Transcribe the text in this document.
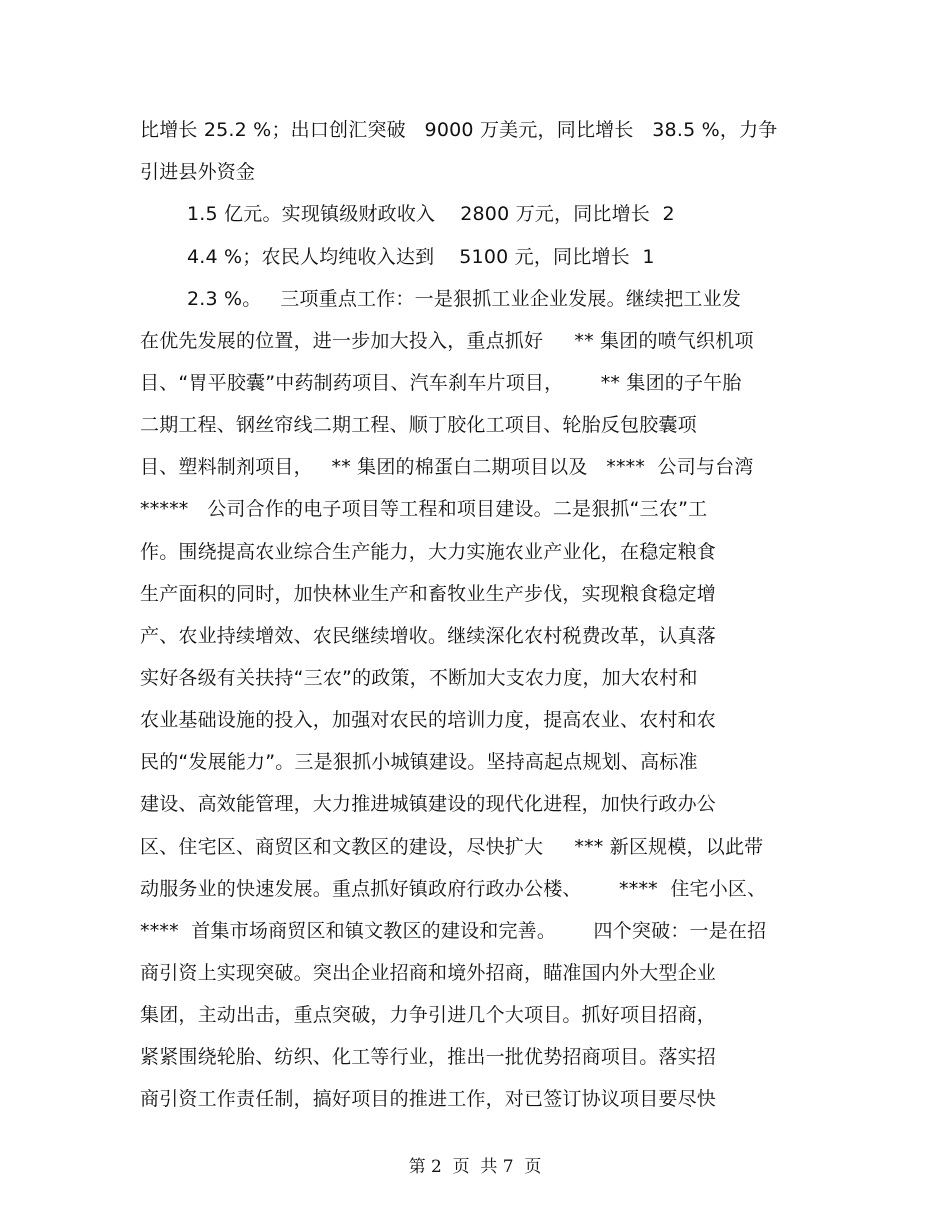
比增长 25.2 %；出口创汇突破   9000 万美元，同比增长   38.5 %，力争
引进县外资金
1.5 亿元。实现镇级财政收入    2800 万元，同比增长  2
4.4 %；农民人均纯收入达到    5100 元，同比增长  1
2.3 %。   三项重点工作：一是狠抓工业企业发展。继续把工业发
在优先发展的位置，进一步加大投入，重点抓好     ** 集团的喷气织机项
目、“胃平胶囊”中药制药项目、汽车刹车片项目，      ** 集团的子午胎
二期工程、钢丝帘线二期工程、顺丁胶化工项目、轮胎反包胶囊项
目、塑料制剂项目，   ** 集团的棉蛋白二期项目以及   ****  公司与台湾
*****   公司合作的电子项目等工程和项目建设。二是狠抓“三农”工
作。围绕提高农业综合生产能力，大力实施农业产业化，在稳定粮食
生产面积的同时，加快林业生产和畜牧业生产步伐，实现粮食稳定增
产、农业持续增效、农民继续增收。继续深化农村税费改革，认真落
实好各级有关扶持“三农”的政策，不断加大支农力度，加大农村和
农业基础设施的投入，加强对农民的培训力度，提高农业、农村和农
民的“发展能力”。三是狠抓小城镇建设。坚持高起点规划、高标准
建设、高效能管理，大力推进城镇建设的现代化进程，加快行政办公
区、住宅区、商贸区和文教区的建设，尽快扩大     *** 新区规模，以此带
动服务业的快速发展。重点抓好镇政府行政办公楼、      ****  住宅小区、
****  首集市场商贸区和镇文教区的建设和完善。      四个突破：一是在招
商引资上实现突破。突出企业招商和境外招商，瞄准国内外大型企业
集团，主动出击，重点突破，力争引进几个大项目。抓好项目招商，
紧紧围绕轮胎、纺织、化工等行业，推出一批优势招商项目。落实招
商引资工作责任制，搞好项目的推进工作，对已签订协议项目要尽快
第 2  页  共 7  页
